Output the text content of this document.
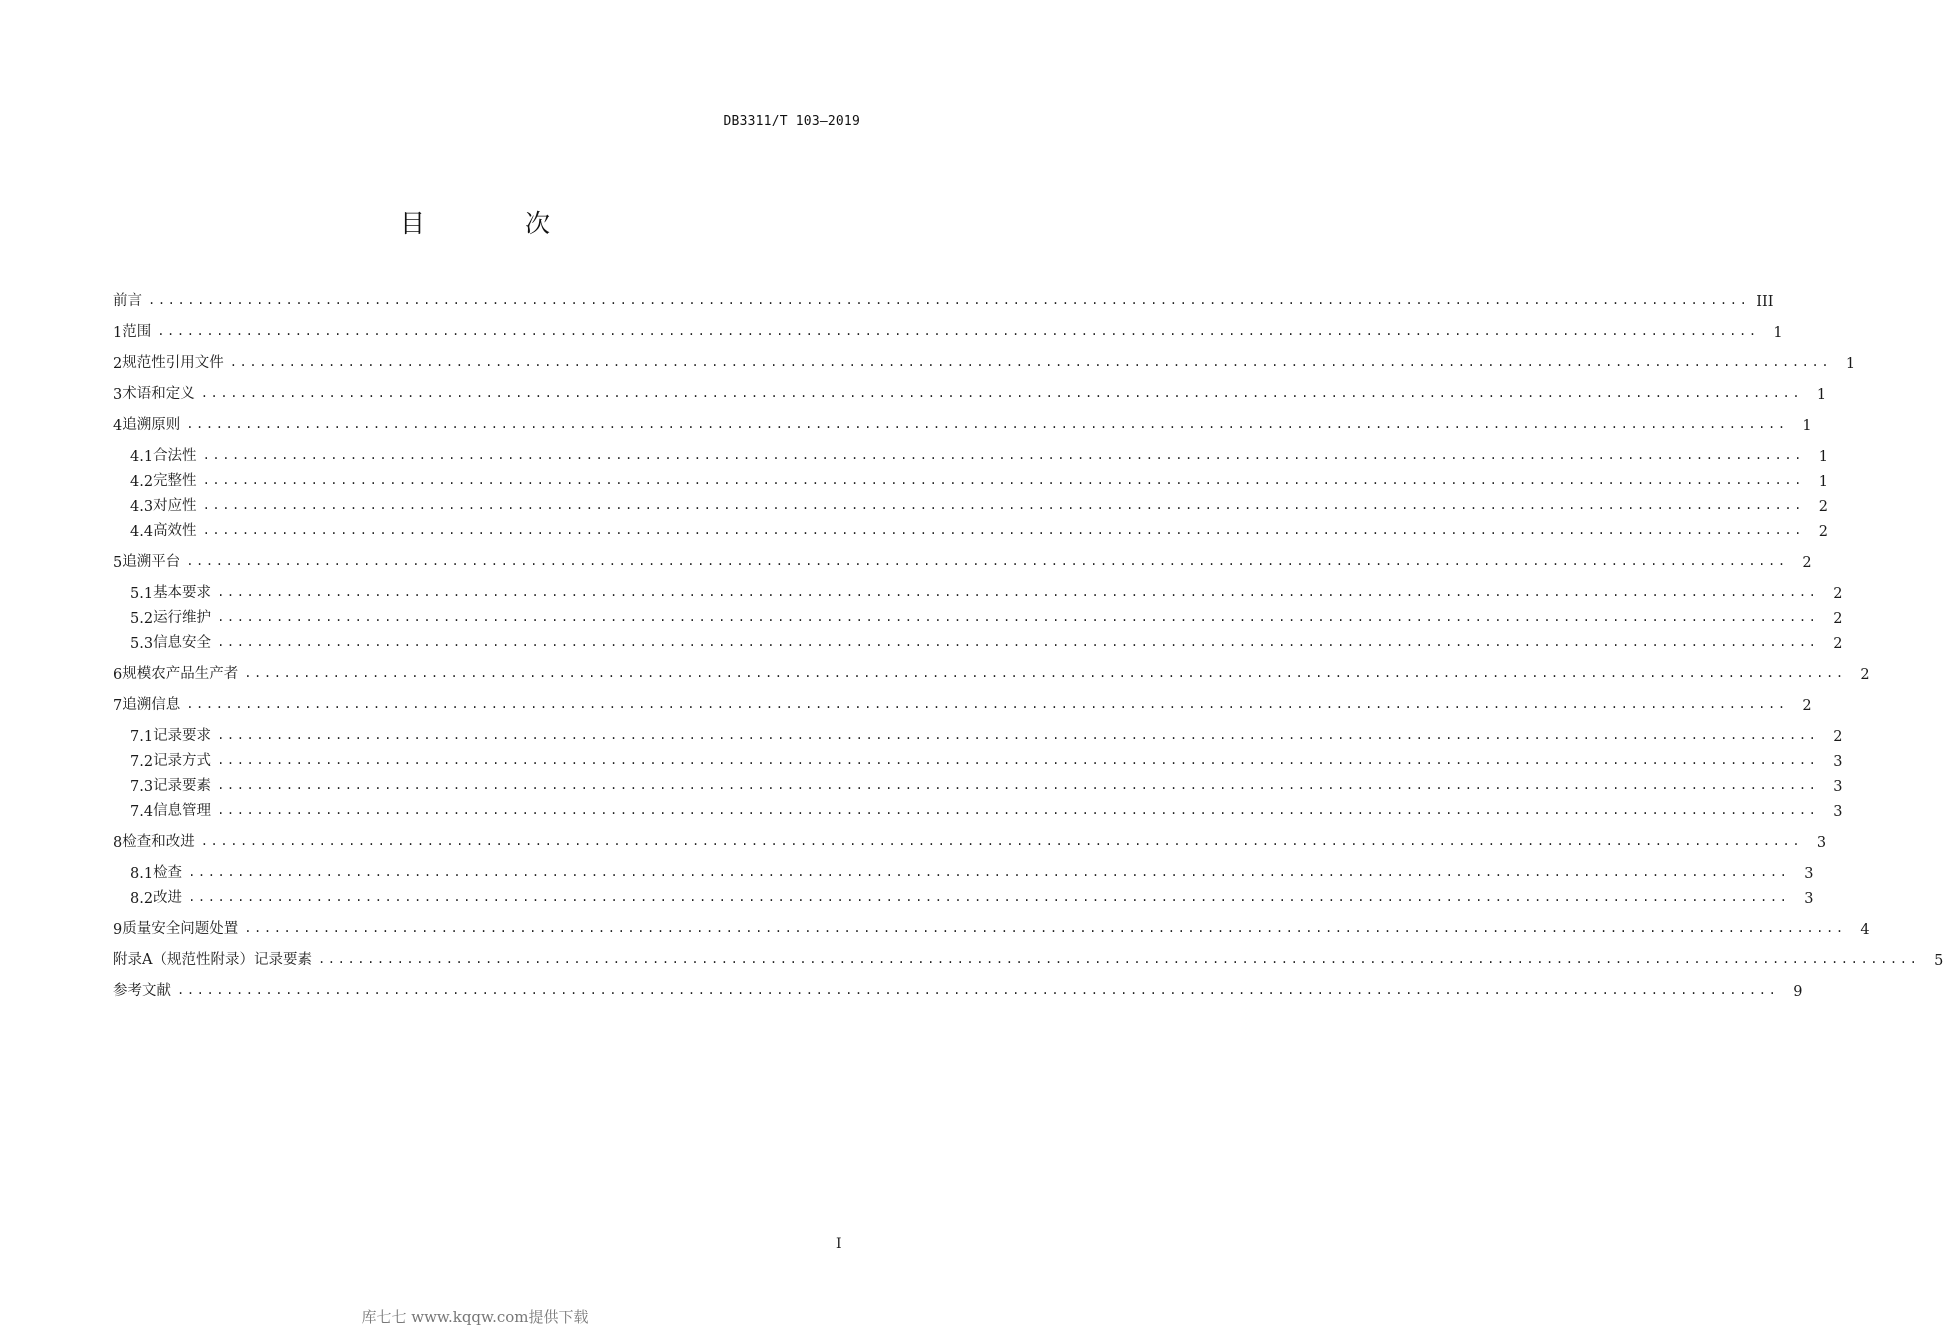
DB3311/T 103—2019
目 次
前 言 ................................................................................................................................................................... III
1 范围 ...................................................................................................................................................................	1
2 规范性引用文件 ...................................................................................................................................................................	1
3 术语和定义 ...................................................................................................................................................................	1
4 追溯原则 ...................................................................................................................................................................	1
4.1 合法性 ...................................................................................................................................................................	1
4.2 完整性 ...................................................................................................................................................................	1
4.3 对应性 ...................................................................................................................................................................	2
4.4 高效性 ...................................................................................................................................................................	2
5 追溯平台 ...................................................................................................................................................................	2
5.1 基本要求 ...................................................................................................................................................................	2
5.2 运行维护 ...................................................................................................................................................................	2
5.3 信息安全 ...................................................................................................................................................................	2
6 规模农产品生产者 ...................................................................................................................................................................	2
7 追溯信息 ...................................................................................................................................................................	2
7.1 记录要求 ...................................................................................................................................................................	2
7.2 记录方式 ...................................................................................................................................................................	3
7.3 记录要素 ...................................................................................................................................................................	3
7.4 信息管理 ...................................................................................................................................................................	3
8 检查和改进 ...................................................................................................................................................................	3
8.1 检查 ...................................................................................................................................................................	3
8.2 改进 ...................................................................................................................................................................	3
9 质量安全问题处置 ...................................................................................................................................................................	4
附录A（规范性附录）记录要素 ...................................................................................................................................................................	5
参考文献 ...................................................................................................................................................................	9
I
库七七 www.kqqw.com提供下载
